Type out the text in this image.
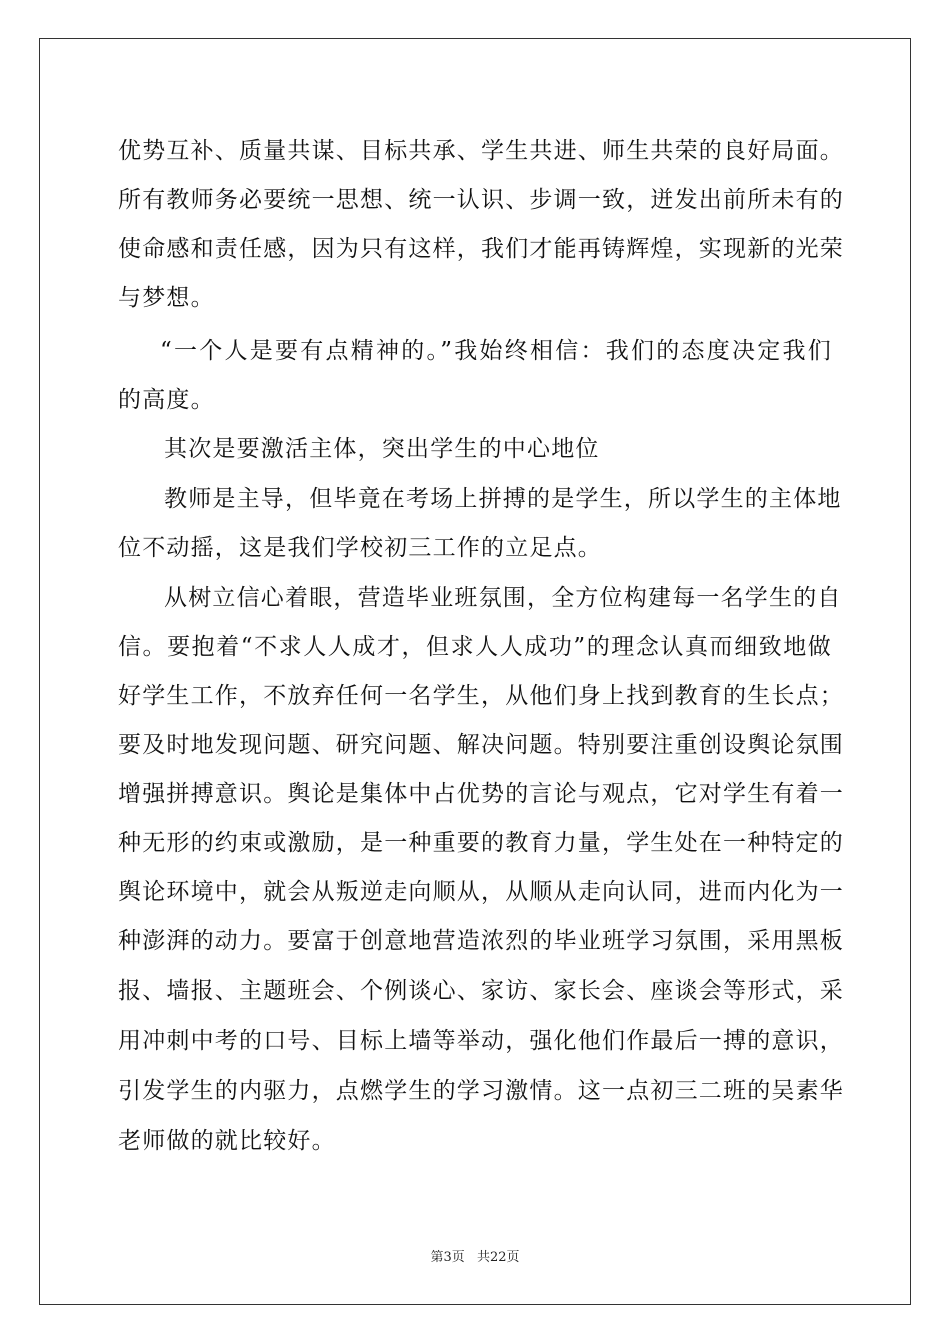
优势互补、质量共谋、目标共承、学生共进、师生共荣的良好局面。
所有教师务必要统一思想、统一认识、步调一致，迸发出前所未有的
使命感和责任感，因为只有这样，我们才能再铸辉煌，实现新的光荣
与梦想。
“一个人是要有点精神的。”我始终相信：我们的态度决定我们
的高度。
其次是要激活主体，突出学生的中心地位
教师是主导，但毕竟在考场上拼搏的是学生，所以学生的主体地
位不动摇，这是我们学校初三工作的立足点。
从树立信心着眼，营造毕业班氛围，全方位构建每一名学生的自
信。要抱着“不求人人成才，但求人人成功”的理念认真而细致地做
好学生工作，不放弃任何一名学生，从他们身上找到教育的生长点；
要及时地发现问题、研究问题、解决问题。特别要注重创设舆论氛围
增强拼搏意识。舆论是集体中占优势的言论与观点，它对学生有着一
种无形的约束或激励，是一种重要的教育力量，学生处在一种特定的
舆论环境中，就会从叛逆走向顺从，从顺从走向认同，进而内化为一
种澎湃的动力。要富于创意地营造浓烈的毕业班学习氛围，采用黑板
报、墙报、主题班会、个例谈心、家访、家长会、座谈会等形式，采
用冲刺中考的口号、目标上墙等举动，强化他们作最后一搏的意识，
引发学生的内驱力，点燃学生的学习激情。这一点初三二班的吴素华
老师做的就比较好。
第3页 共22页
